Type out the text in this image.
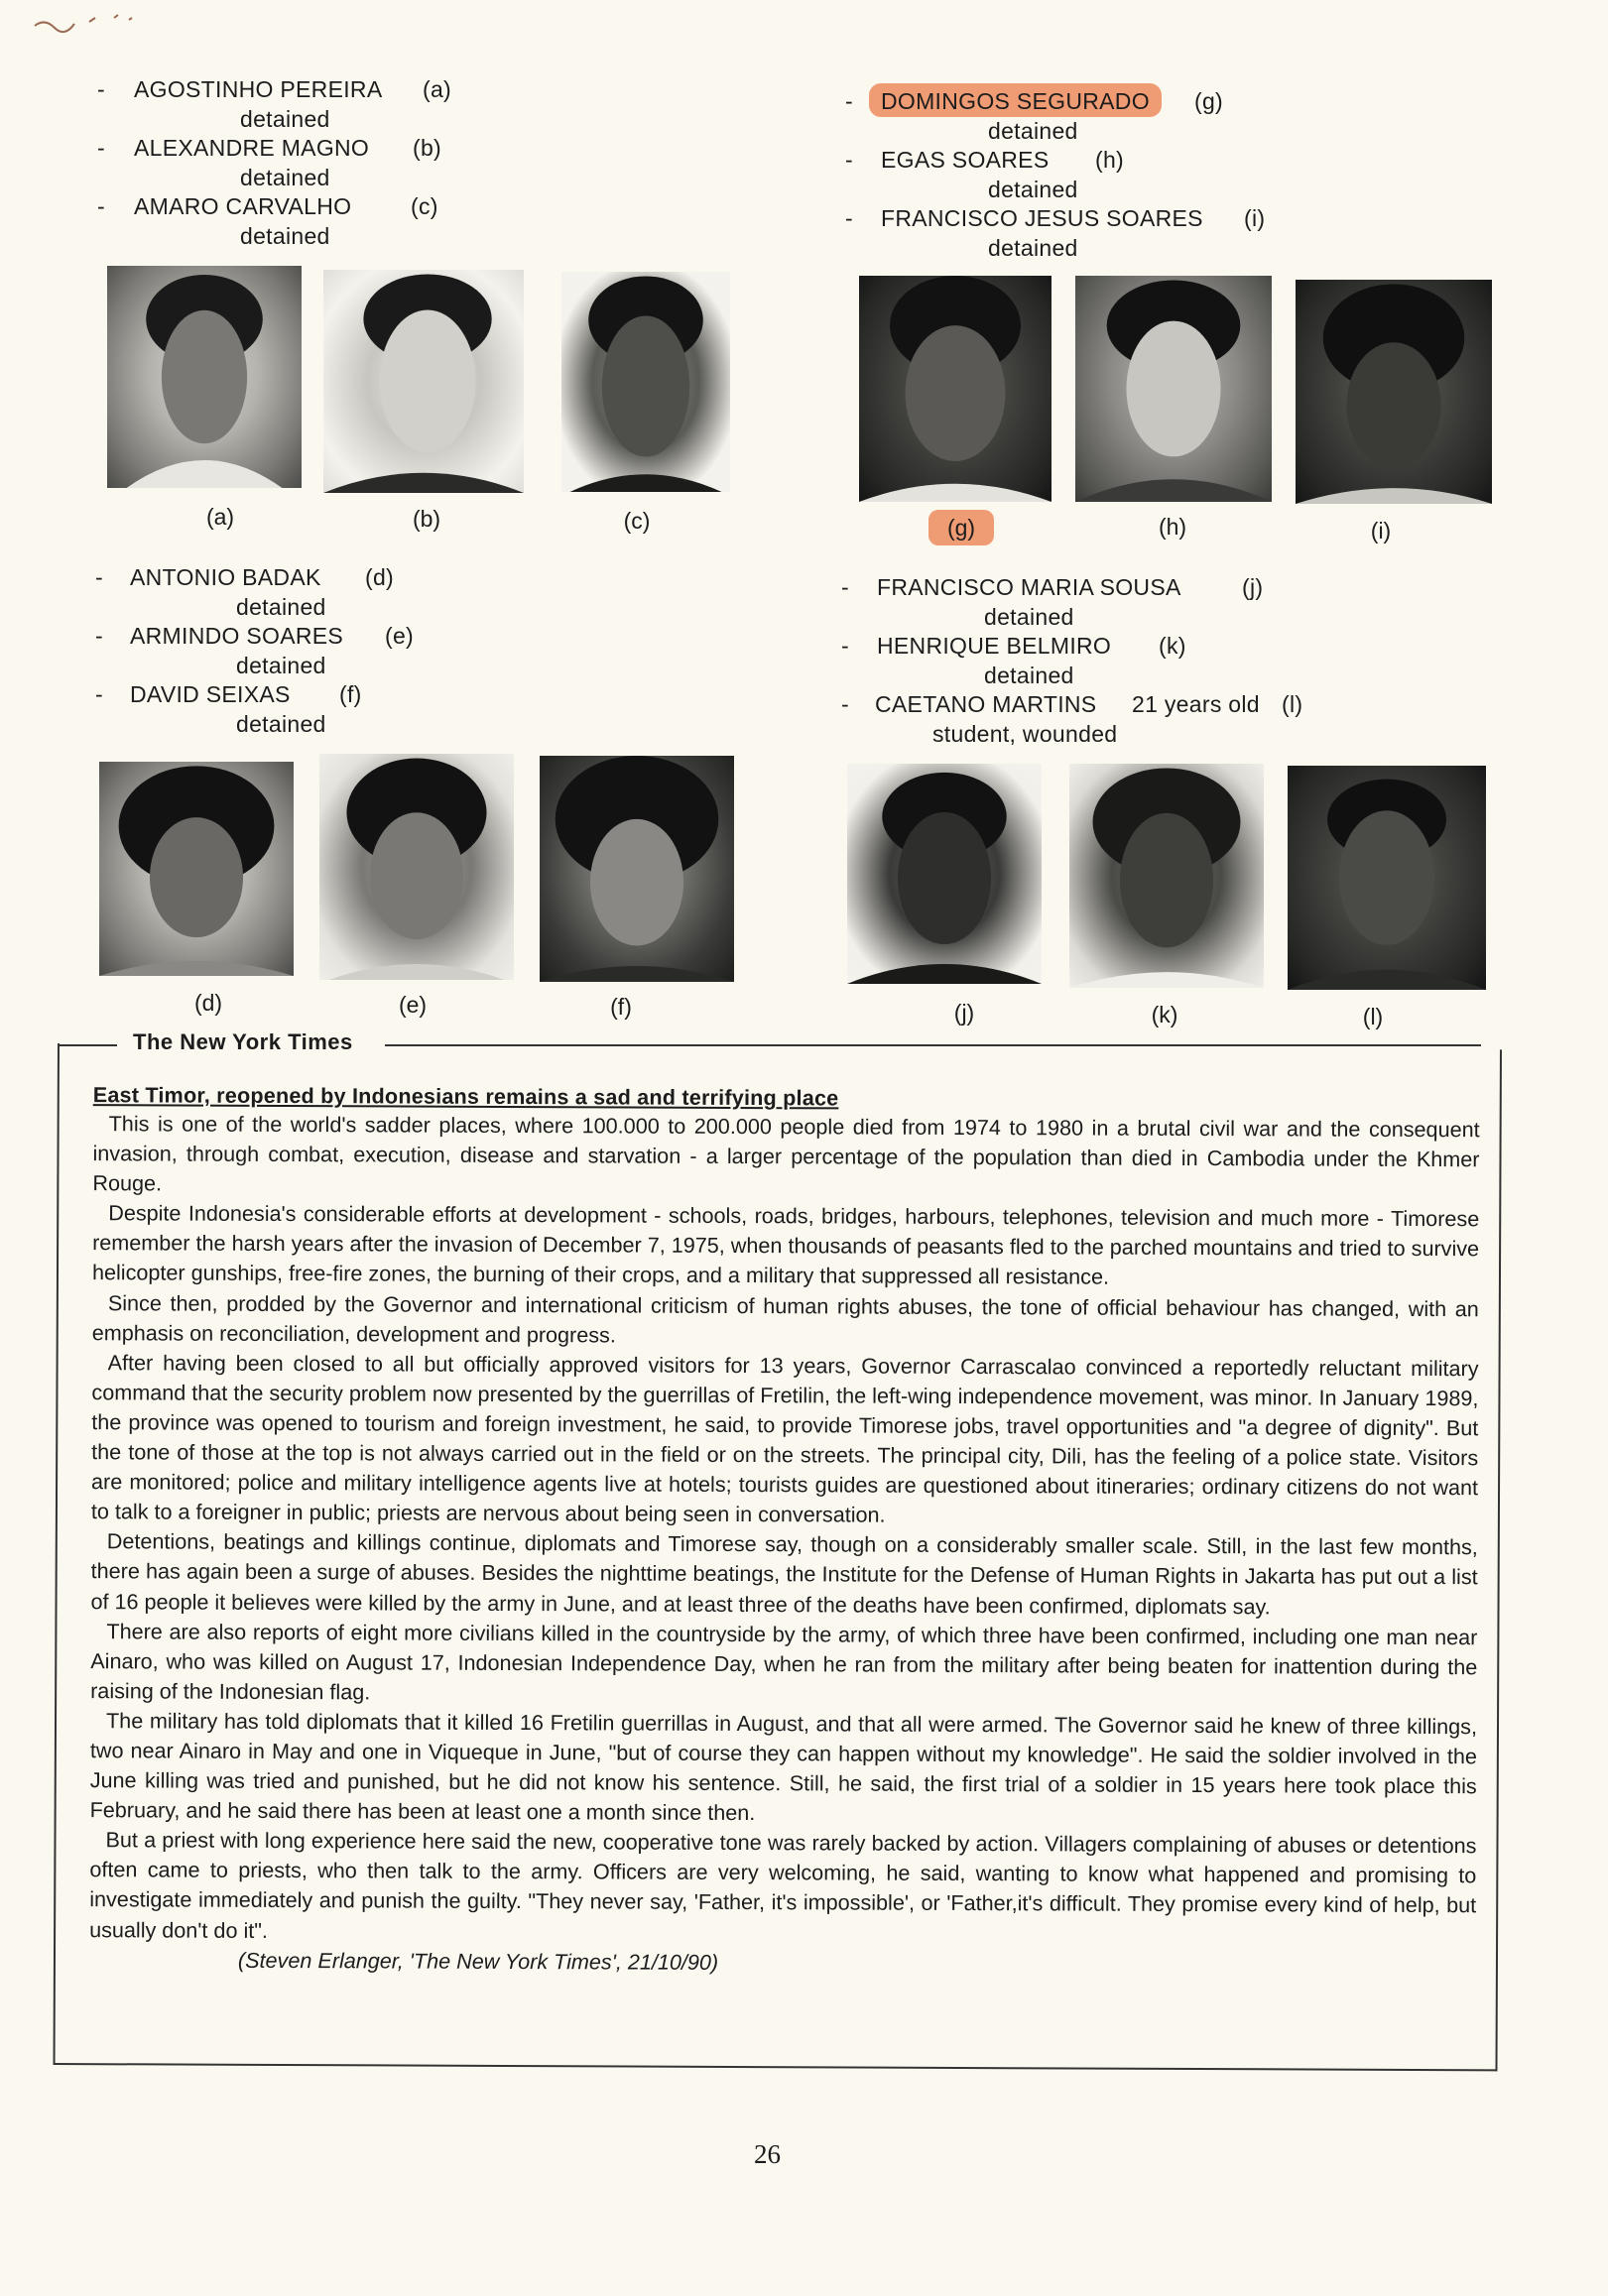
- AGOSTINHO PEREIRA (a)
detained
- ALEXANDRE MAGNO (b)
detained
- AMARO CARVALHO	(c)
detained
- DOMINGOS SEGURADO	(g)
detained
- EGAS SOARES (h)
detained
- FRANCISCO JESUS SOARES (i)
detained
(a)	(b)	(c)	(g)	(h)	(i)
- ANTONIO BADAK (d)
detained
- ARMINDO SOARES (e)
detained
- DAVID SEIXAS (f)
detained
- FRANCISCO MARIA SOUSA	(j)
detained
- HENRIQUE BELMIRO (k)
detained
- CAETANO MARTINS 21 years old (l)
student, wounded
(d)	(e)	(f)	(j)	(k)	(l)
The New York Times
East Timor, reopened by Indonesians remains a sad and terrifying place

This is one of the world's sadder places, where 100.000 to 200.000 people died from 1974 to 1980 in a brutal civil war and the consequent invasion, through combat, execution, disease and starvation - a larger percentage of the population than died in Cambodia under the Khmer Rouge.

Despite Indonesia's considerable efforts at development - schools, roads, bridges, harbours, telephones, television and much more - Timorese remember the harsh years after the invasion of December 7, 1975, when thousands of peasants fled to the parched mountains and tried to survive helicopter gunships, free-fire zones, the burning of their crops, and a military that suppressed all resistance.

Since then, prodded by the Governor and international criticism of human rights abuses, the tone of official behaviour has changed, with an emphasis on reconciliation, development and progress.

After having been closed to all but officially approved visitors for 13 years, Governor Carrascalao convinced a reportedly reluctant military command that the security problem now presented by the guerrillas of Fretilin, the left-wing independence movement, was minor. In January 1989, the province was opened to tourism and foreign investment, he said, to provide Timorese jobs, travel opportunities and "a degree of dignity". But the tone of those at the top is not always carried out in the field or on the streets. The principal city, Dili, has the feeling of a police state. Visitors are monitored; police and military intelligence agents live at hotels; tourists guides are questioned about itineraries; ordinary citizens do not want to talk to a foreigner in public; priests are nervous about being seen in conversation.

Detentions, beatings and killings continue, diplomats and Timorese say, though on a considerably smaller scale. Still, in the last few months, there has again been a surge of abuses. Besides the nighttime beatings, the Institute for the Defense of Human Rights in Jakarta has put out a list of 16 people it believes were killed by the army in June, and at least three of the deaths have been confirmed, diplomats say.

There are also reports of eight more civilians killed in the countryside by the army, of which three have been confirmed, including one man near Ainaro, who was killed on August 17, Indonesian Independence Day, when he ran from the military after being beaten for inattention during the raising of the Indonesian flag.

The military has told diplomats that it killed 16 Fretilin guerrillas in August, and that all were armed. The Governor said he knew of three killings, two near Ainaro in May and one in Viqueque in June, "but of course they can happen without my knowledge". He said the soldier involved in the June killing was tried and punished, but he did not know his sentence. Still, he said, the first trial of a soldier in 15 years here took place this February, and he said there has been at least one a month since then.

But a priest with long experience here said the new, cooperative tone was rarely backed by action. Villagers complaining of abuses or detentions often came to priests, who then talk to the army. Officers are very welcoming, he said, wanting to know what happened and promising to investigate immediately and punish the guilty. "They never say, 'Father, it's impossible', or 'Father,it's difficult. They promise every kind of help, but usually don't do it".

(Steven Erlanger, 'The New York Times', 21/10/90)

26
